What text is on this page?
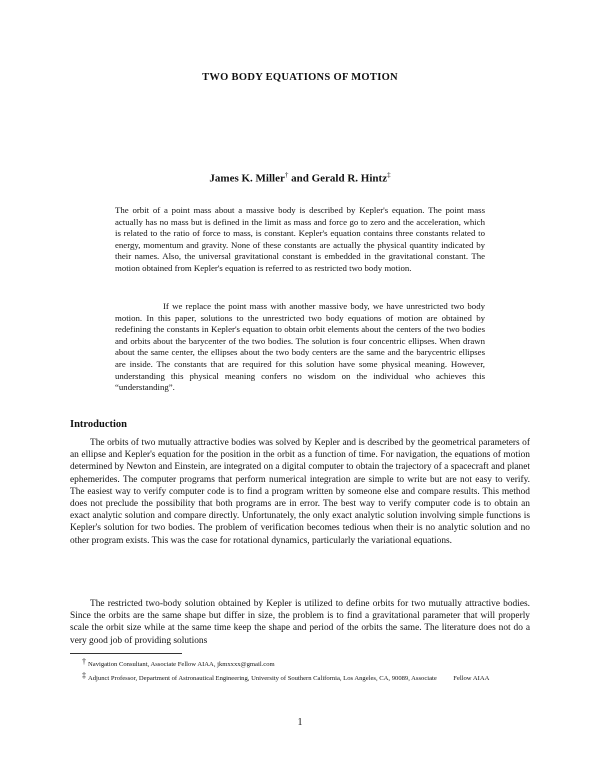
TWO BODY EQUATIONS OF MOTION
James K. Miller† and Gerald R. Hintz‡
The orbit of a point mass about a massive body is described by Kepler's equation. The point mass actually has no mass but is defined in the limit as mass and force go to zero and the acceleration, which is related to the ratio of force to mass, is constant. Kepler's equation contains three constants related to energy, momentum and gravity. None of these constants are actually the physical quantity indicated by their names. Also, the universal gravitational constant is embedded in the gravitational constant. The motion obtained from Kepler's equation is referred to as restricted two body motion.
If we replace the point mass with another massive body, we have unrestricted two body motion. In this paper, solutions to the unrestricted two body equations of motion are obtained by redefining the constants in Kepler's equation to obtain orbit elements about the centers of the two bodies and orbits about the barycenter of the two bodies. The solution is four concentric ellipses. When drawn about the same center, the ellipses about the two body centers are the same and the barycentric ellipses are inside. The constants that are required for this solution have some physical meaning. However, understanding this physical meaning confers no wisdom on the individual who achieves this “understanding”.
Introduction
The orbits of two mutually attractive bodies was solved by Kepler and is described by the geometrical parameters of an ellipse and Kepler's equation for the position in the orbit as a function of time. For navigation, the equations of motion determined by Newton and Einstein, are integrated on a digital computer to obtain the trajectory of a spacecraft and planet ephemerides. The computer programs that perform numerical integration are simple to write but are not easy to verify. The easiest way to verify computer code is to find a program written by someone else and compare results. This method does not preclude the possibility that both programs are in error. The best way to verify computer code is to obtain an exact analytic solution and compare directly. Unfortunately, the only exact analytic solution involving simple functions is Kepler's solution for two bodies. The problem of verification becomes tedious when their is no analytic solution and no other program exists. This was the case for rotational dynamics, particularly the variational equations.
The restricted two-body solution obtained by Kepler is utilized to define orbits for two mutually attractive bodies. Since the orbits are the same shape but differ in size, the problem is to find a gravitational parameter that will properly scale the orbit size while at the same time keep the shape and period of the orbits the same. The literature does not do a very good job of providing solutions
† Navigation Consultant, Associate Fellow AIAA, jkmxxxx@gmail.com
‡ Adjunct Professor, Department of Astronautical Engineering, University of Southern California, Los Angeles, CA, 90089, Associate          Fellow AIAA
1
